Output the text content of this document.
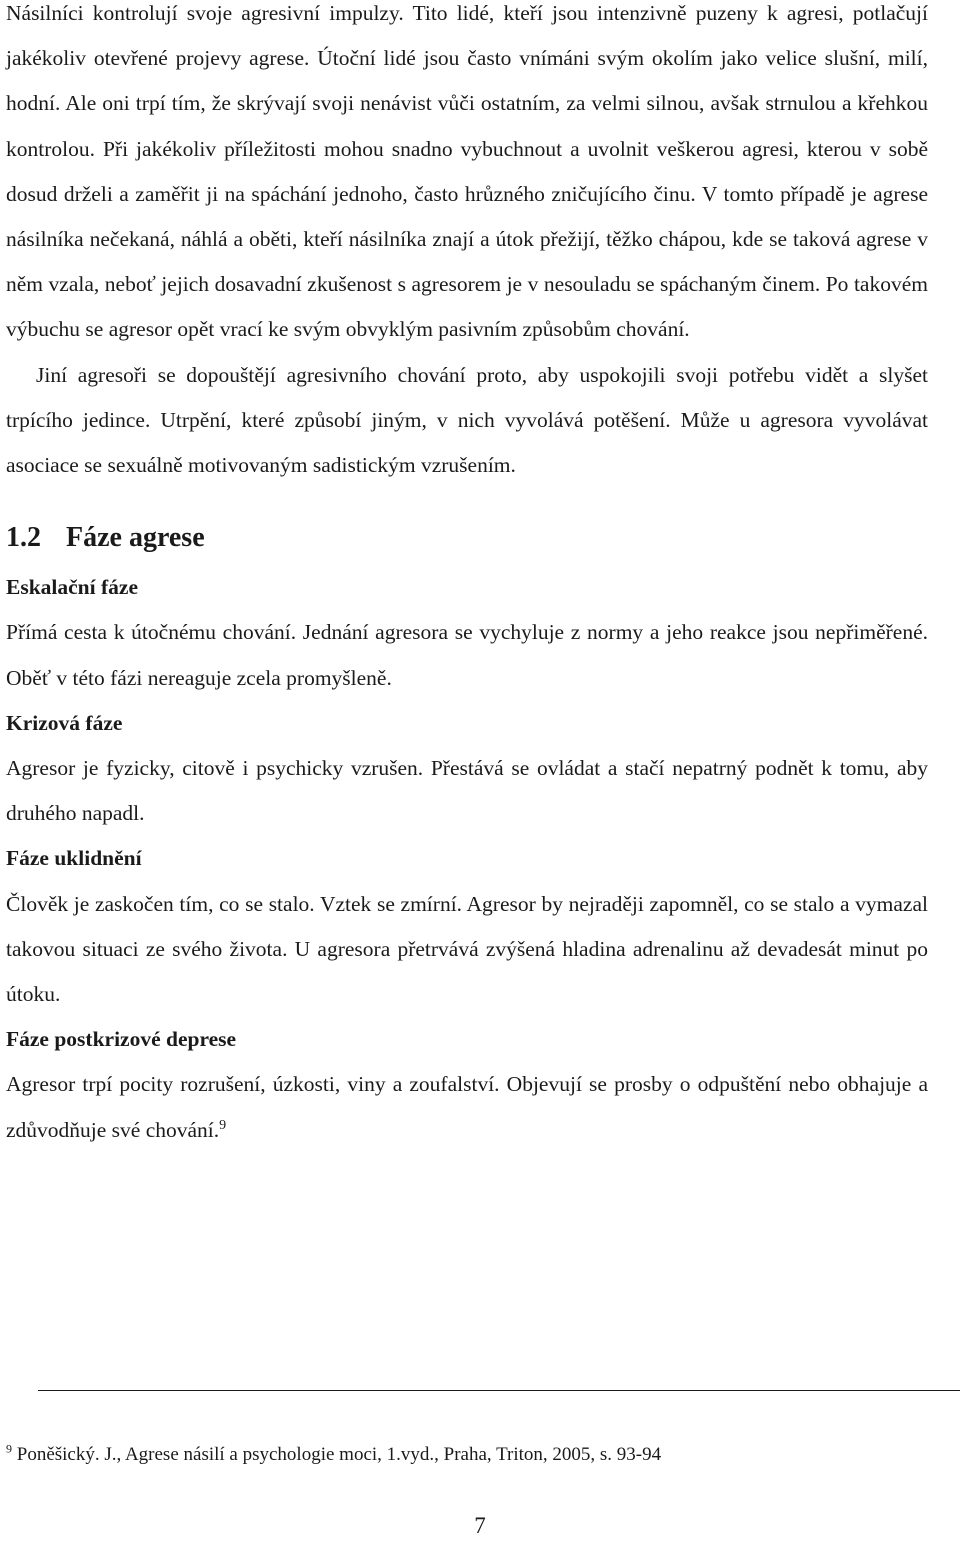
Násilníci kontrolují svoje agresivní impulzy. Tito lidé, kteří jsou intenzivně puzeny k agresi, potlačují jakékoliv otevřené projevy agrese. Útoční lidé jsou často vnímáni svým okolím jako velice slušní, milí, hodní. Ale oni trpí tím, že skrývají svoji nenávist vůči ostatním, za velmi silnou, avšak strnulou a křehkou kontrolou. Při jakékoliv příležitosti mohou snadno vybuchnout a uvolnit veškerou agresi, kterou v sobě dosud drželi a zaměřit ji na spáchání jednoho, často hrůzného zničujícího činu. V tomto případě je agrese násilníka nečekaná, náhlá a oběti, kteří násilníka znají a útok přežijí, těžko chápou, kde se taková agrese v něm vzala, neboť jejich dosavadní zkušenost s agresorem je v nesouladu se spáchaným činem. Po takovém výbuchu se agresor opět vrací ke svým obvyklým pasivním způsobům chování.

Jiní agresoři se dopouštějí agresivního chování proto, aby uspokojili svoji potřebu vidět a slyšet trpícího jedince. Utrpění, které způsobí jiným, v nich vyvolává potěšení. Může u agresora vyvolávat asociace se sexuálně motivovaným sadistickým vzrušením.

1.2 Fáze agrese
Eskalační fáze

Přímá cesta k útočnému chování. Jednání agresora se vychyluje z normy a jeho reakce jsou nepřiměřené. Oběť v této fázi nereaguje zcela promyšleně.

Krizová fáze

Agresor je fyzicky, citově i psychicky vzrušen. Přestává se ovládat a stačí nepatrný podnět k tomu, aby druhého napadl.

Fáze uklidnění

Člověk je zaskočen tím, co se stalo. Vztek se zmírní. Agresor by nejraději zapomněl, co se stalo a vymazal takovou situaci ze svého života. U agresora přetrvává zvýšená hladina adrenalinu až devadesát minut po útoku.

Fáze postkrizové deprese

Agresor trpí pocity rozrušení, úzkosti, viny a zoufalství. Objevují se prosby o odpuštění nebo obhajuje a zdůvodňuje své chování.$^9$

$^9$ Poněšický. J., Agrese násilí a psychologie moci, 1.vyd., Praha, Triton, 2005, s. 93-94
7
